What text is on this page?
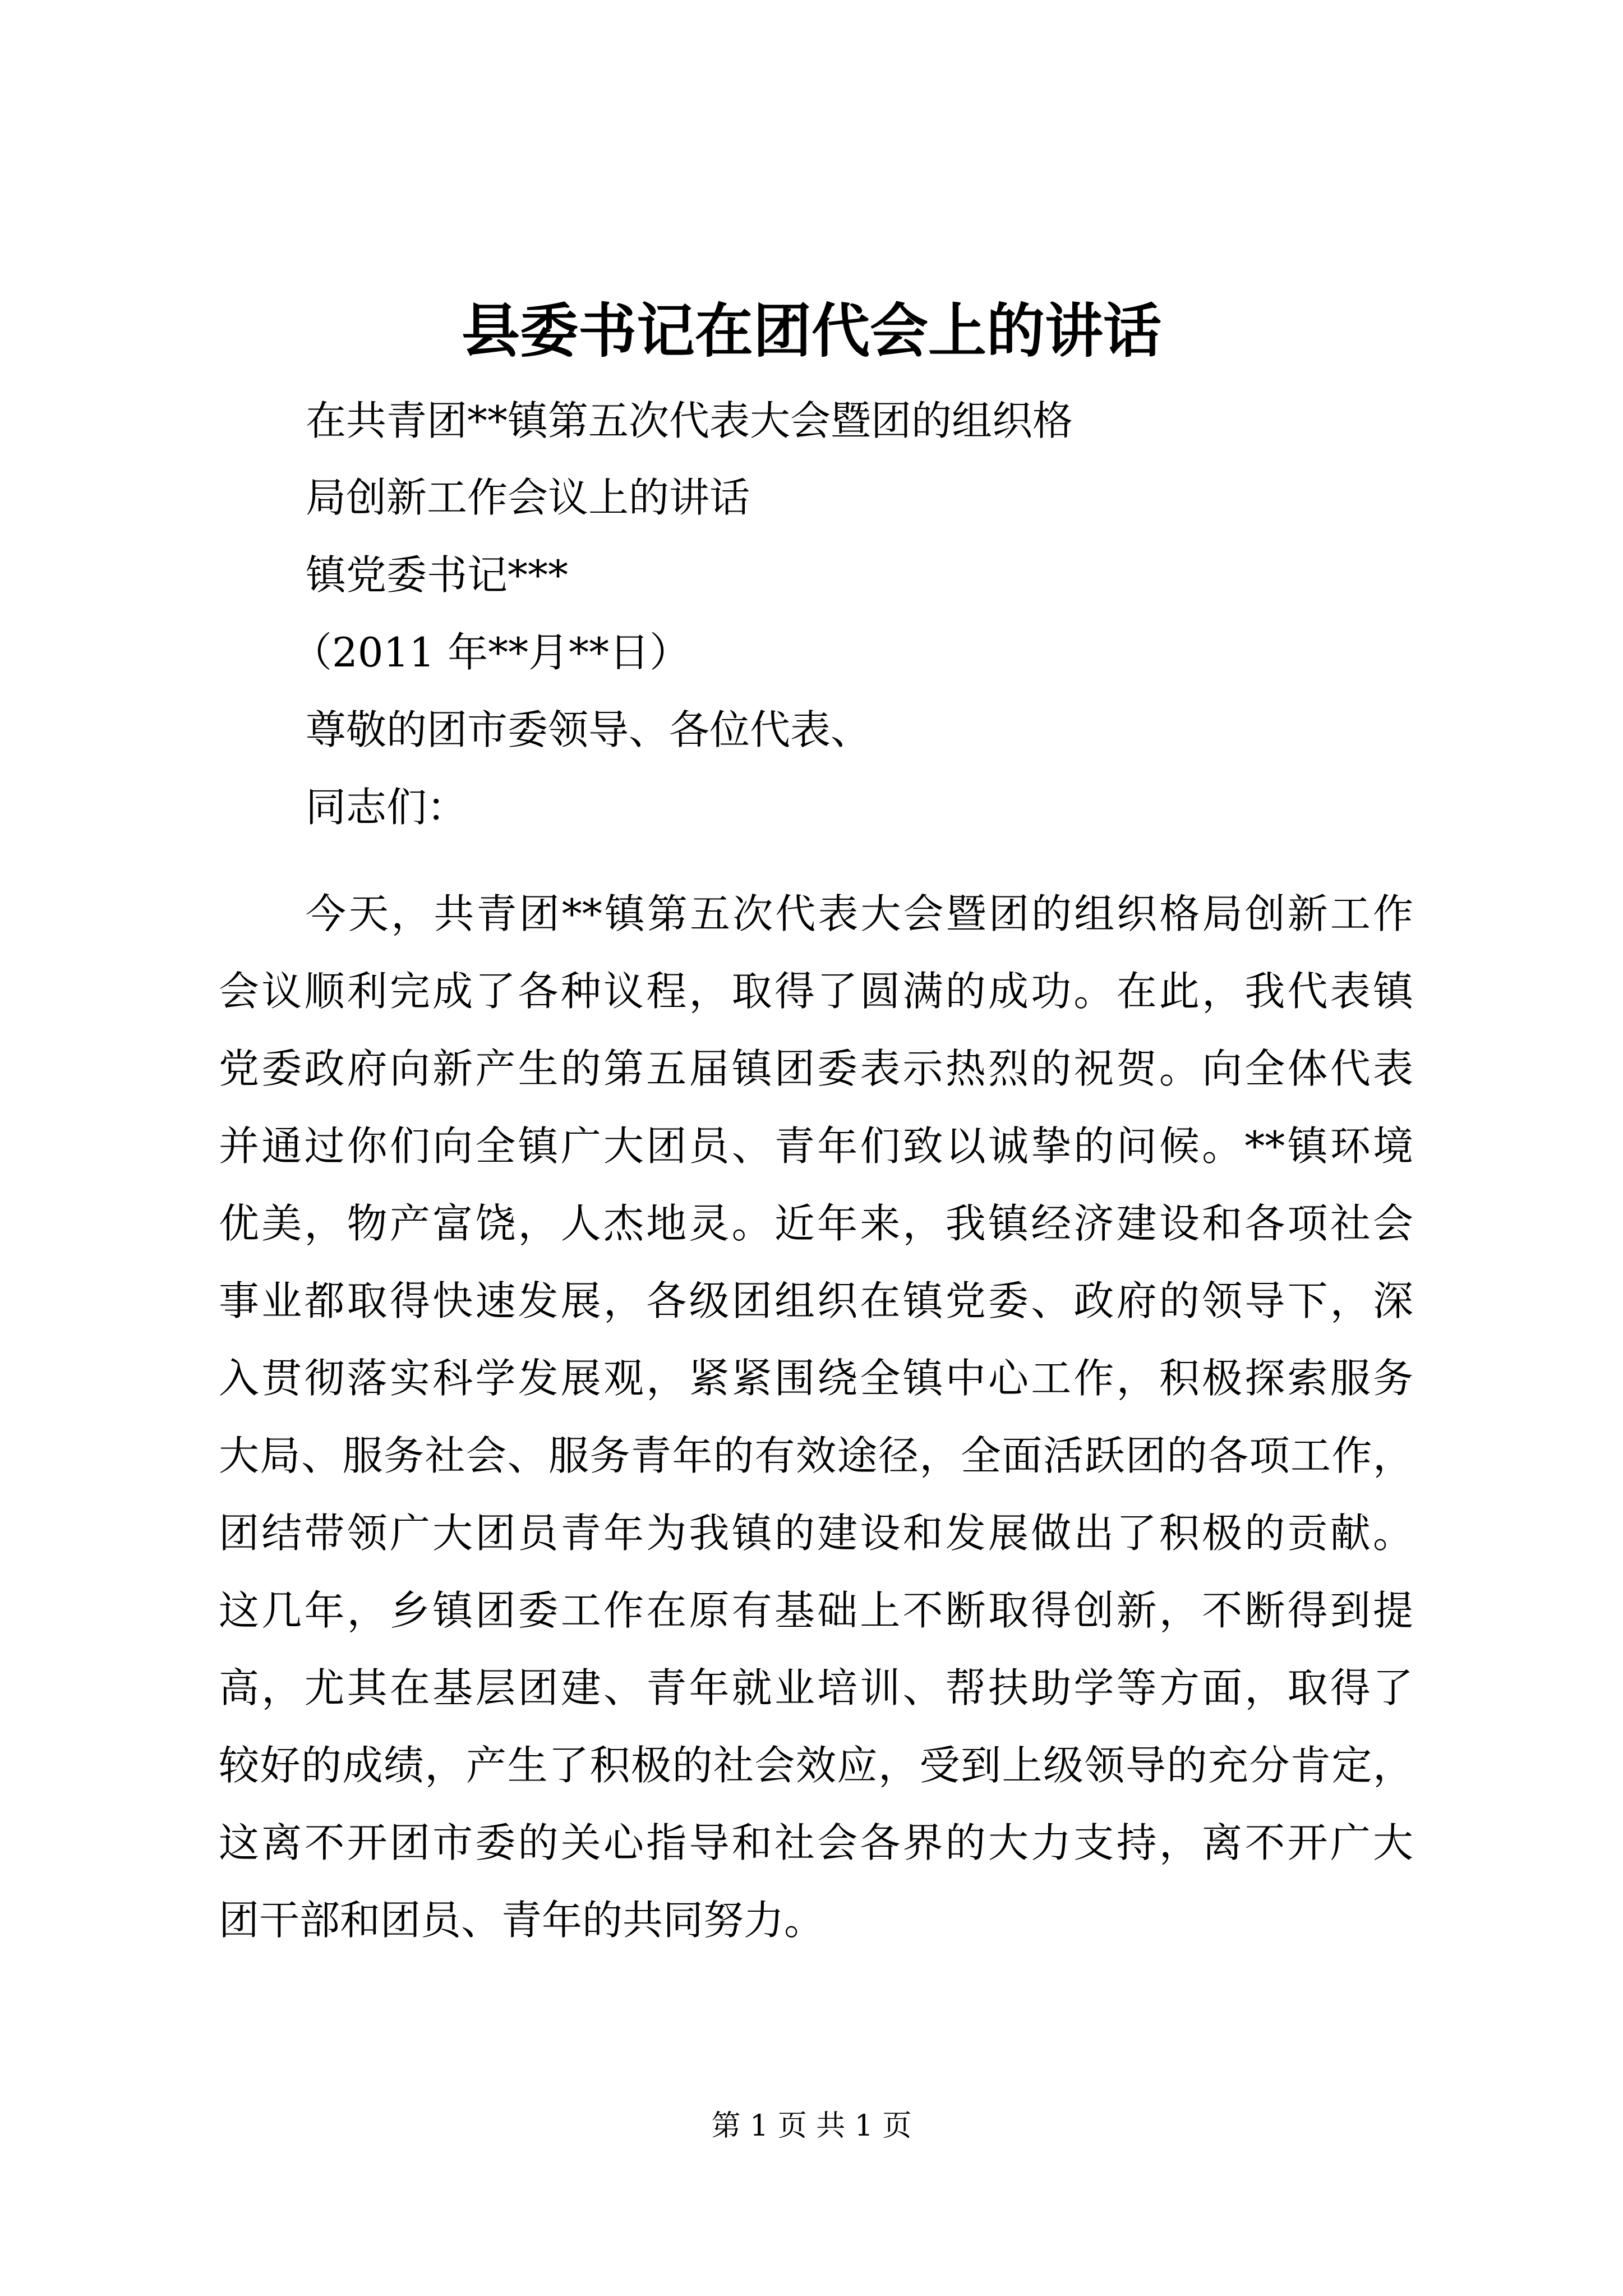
县委书记在团代会上的讲话
在共青团**镇第五次代表大会暨团的组织格
局创新工作会议上的讲话
镇党委书记***
（2011 年**月**日）
尊敬的团市委领导、各位代表、
同志们：
今天，共青团**镇第五次代表大会暨团的组织格局创新工作
会议顺利完成了各种议程，取得了圆满的成功。在此，我代表镇
党委政府向新产生的第五届镇团委表示热烈的祝贺。向全体代表
并通过你们向全镇广大团员、青年们致以诚挚的问候。**镇环境
优美，物产富饶，人杰地灵。近年来，我镇经济建设和各项社会
事业都取得快速发展，各级团组织在镇党委、政府的领导下，深
入贯彻落实科学发展观，紧紧围绕全镇中心工作，积极探索服务
大局、服务社会、服务青年的有效途径，全面活跃团的各项工作，
团结带领广大团员青年为我镇的建设和发展做出了积极的贡献。
这几年，乡镇团委工作在原有基础上不断取得创新，不断得到提
高，尤其在基层团建、青年就业培训、帮扶助学等方面，取得了
较好的成绩，产生了积极的社会效应，受到上级领导的充分肯定，
这离不开团市委的关心指导和社会各界的大力支持，离不开广大
团干部和团员、青年的共同努力。
第 1 页 共 1 页
